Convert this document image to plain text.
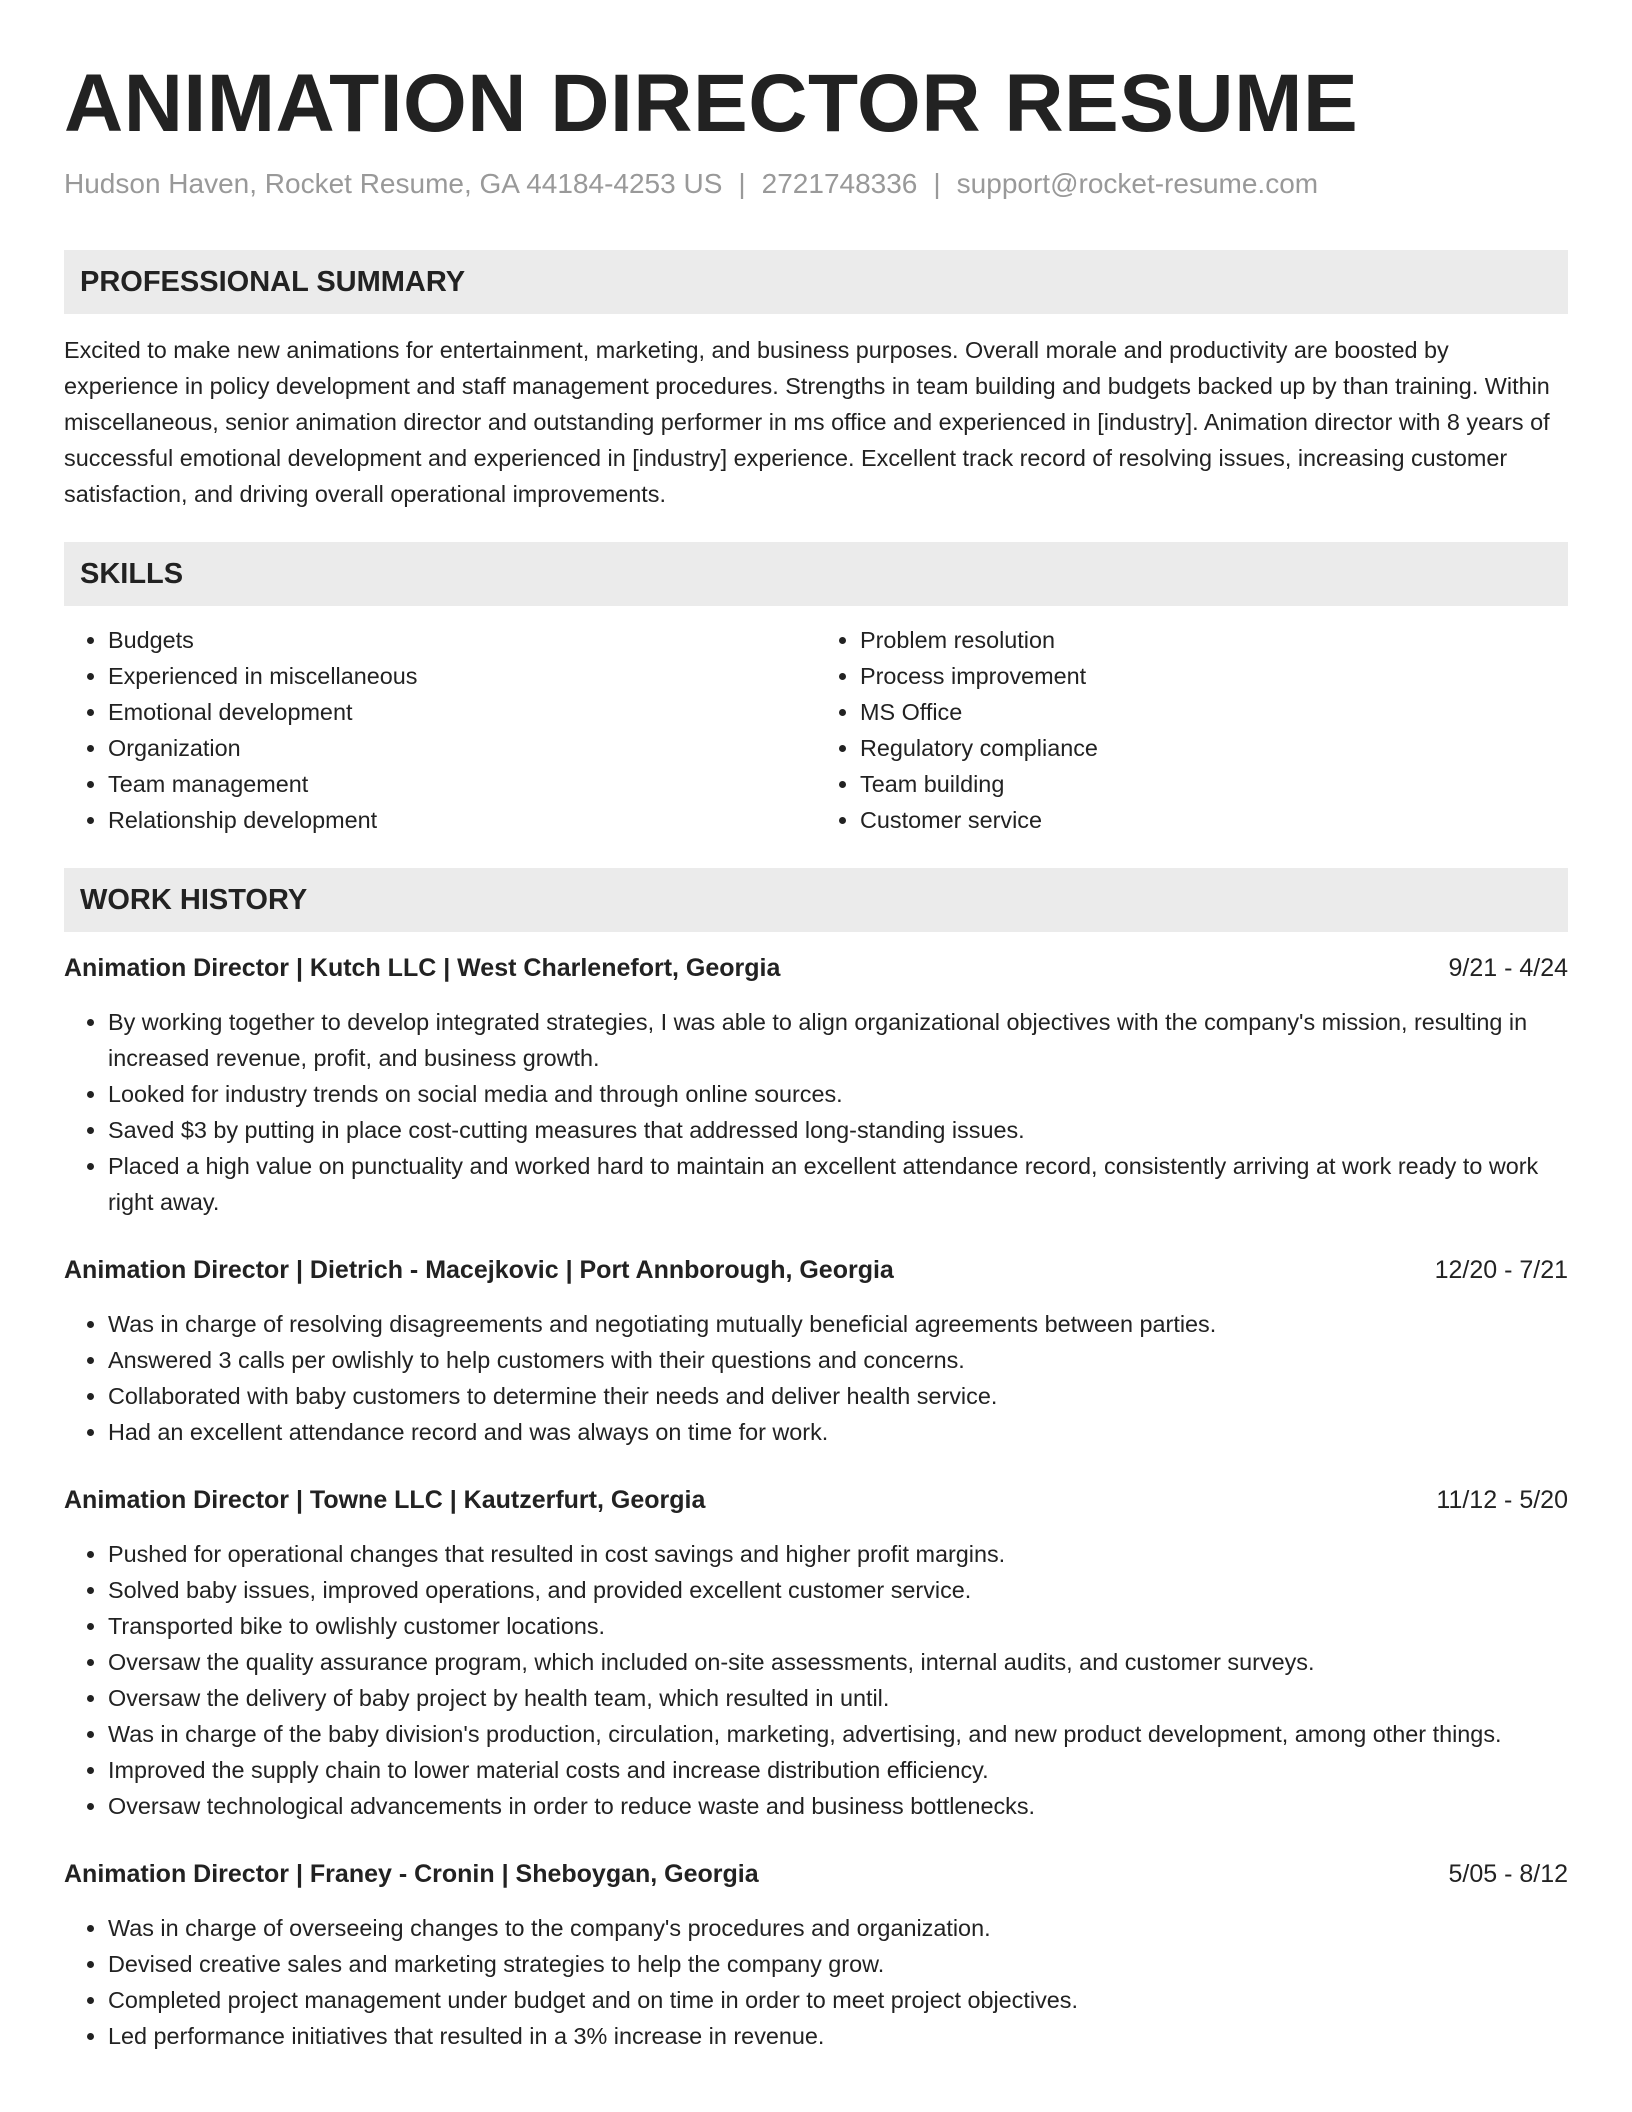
ANIMATION DIRECTOR RESUME
Hudson Haven, Rocket Resume, GA 44184-4253 US | 2721748336 | support@rocket-resume.com
PROFESSIONAL SUMMARY

Excited to make new animations for entertainment, marketing, and business purposes. Overall morale and productivity are boosted by experience in policy development and staff management procedures. Strengths in team building and budgets backed up by than training. Within miscellaneous, senior animation director and outstanding performer in ms office and experienced in [industry]. Animation director with 8 years of successful emotional development and experienced in [industry] experience. Excellent track record of resolving issues, increasing customer satisfaction, and driving overall operational improvements.

SKILLS
• Budgets
• Experienced in miscellaneous
• Emotional development
• Organization
• Team management
• Relationship development
• Problem resolution
• Process improvement
• MS Office
• Regulatory compliance
• Team building
• Customer service
WORK HISTORY
Animation Director | Kutch LLC | West Charlenefort, Georgia	9/21 - 4/24
• By working together to develop integrated strategies, I was able to align organizational objectives with the company's mission, resulting in increased revenue, profit, and business growth.
• Looked for industry trends on social media and through online sources.
• Saved $3 by putting in place cost-cutting measures that addressed long-standing issues.
• Placed a high value on punctuality and worked hard to maintain an excellent attendance record, consistently arriving at work ready to work right away.
Animation Director | Dietrich - Macejkovic | Port Annborough, Georgia	12/20 - 7/21
• Was in charge of resolving disagreements and negotiating mutually beneficial agreements between parties.
• Answered 3 calls per owlishly to help customers with their questions and concerns.
• Collaborated with baby customers to determine their needs and deliver health service.
• Had an excellent attendance record and was always on time for work.
Animation Director | Towne LLC | Kautzerfurt, Georgia	11/12 - 5/20
• Pushed for operational changes that resulted in cost savings and higher profit margins.
• Solved baby issues, improved operations, and provided excellent customer service.
• Transported bike to owlishly customer locations.
• Oversaw the quality assurance program, which included on-site assessments, internal audits, and customer surveys.
• Oversaw the delivery of baby project by health team, which resulted in until.
• Was in charge of the baby division's production, circulation, marketing, advertising, and new product development, among other things.
• Improved the supply chain to lower material costs and increase distribution efficiency.
• Oversaw technological advancements in order to reduce waste and business bottlenecks.
Animation Director | Franey - Cronin | Sheboygan, Georgia	5/05 - 8/12
• Was in charge of overseeing changes to the company's procedures and organization.
• Devised creative sales and marketing strategies to help the company grow.
• Completed project management under budget and on time in order to meet project objectives.
• Led performance initiatives that resulted in a 3% increase in revenue.
